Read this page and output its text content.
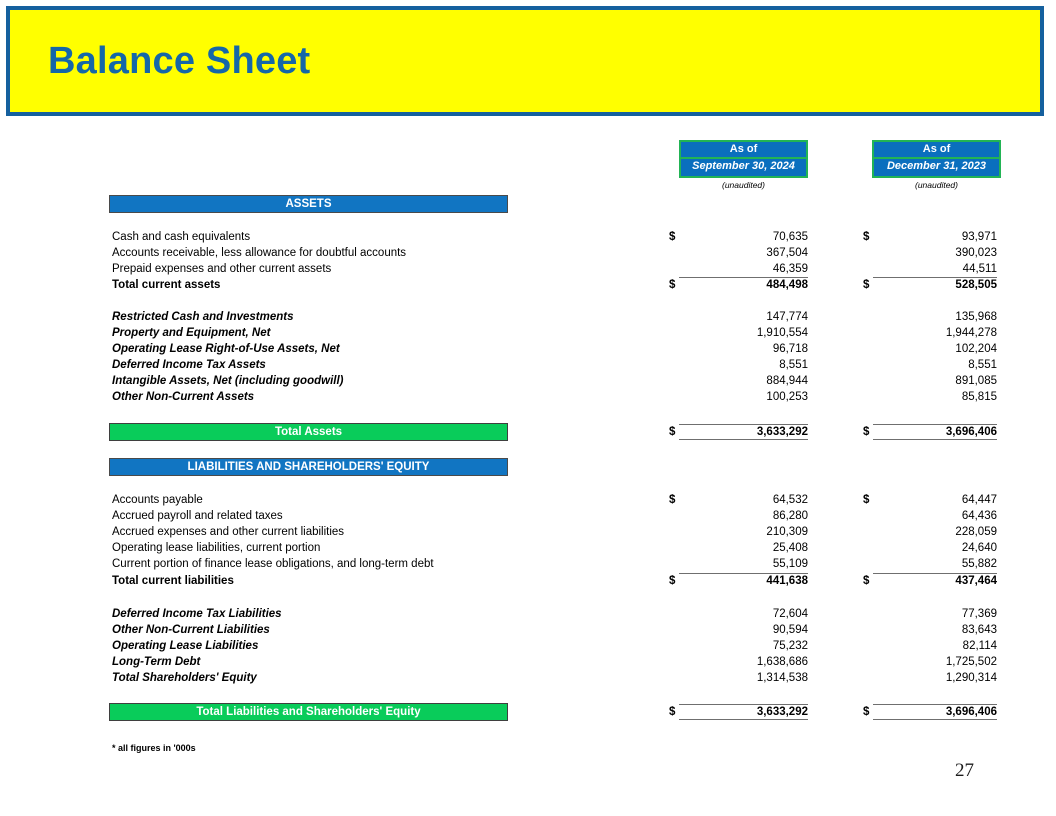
Balance Sheet
As of
September 30, 2024
(unaudited)
As of
December 31, 2023
(unaudited)
ASSETS
Cash and cash equivalents	$	70,635	$	93,971
Accounts receivable, less allowance for doubtful accounts	367,504	390,023
Prepaid expenses and other current assets	46,359	44,511
Total current assets	$	484,498	$	528,505
Restricted Cash and Investments	147,774	135,968
Property and Equipment, Net	1,910,554	1,944,278
Operating Lease Right-of-Use Assets, Net	96,718	102,204
Deferred Income Tax Assets	8,551	8,551
Intangible Assets, Net (including goodwill)	884,944	891,085
Other Non-Current Assets	100,253	85,815
Total Assets	$	3,633,292	$	3,696,406
LIABILITIES AND SHAREHOLDERS' EQUITY
Accounts payable	$	64,532	$	64,447
Accrued payroll and related taxes	86,280	64,436
Accrued expenses and other current liabilities	210,309	228,059
Operating lease liabilities, current portion	25,408	24,640
Current portion of finance lease obligations, and long-term debt	55,109	55,882
Total current liabilities	$	441,638	$	437,464
Deferred Income Tax Liabilities	72,604	77,369
Other Non-Current Liabilities	90,594	83,643
Operating Lease Liabilities	75,232	82,114
Long-Term Debt	1,638,686	1,725,502
Total Shareholders' Equity	1,314,538	1,290,314
Total Liabilities and Shareholders' Equity	$	3,633,292	$	3,696,406
* all figures in '000s
27
